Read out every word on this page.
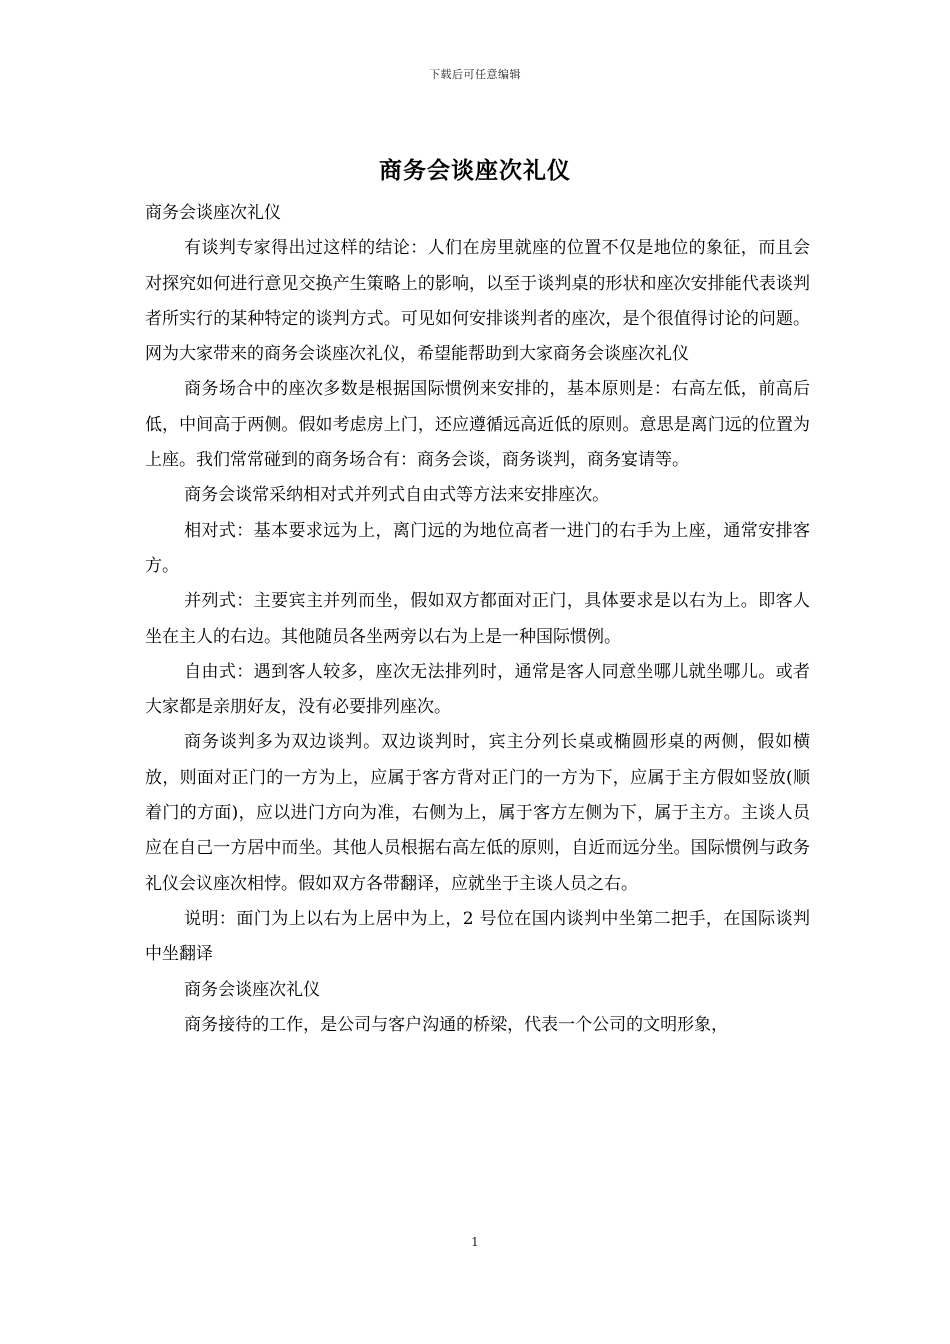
下载后可任意编辑
商务会谈座次礼仪

商务会谈座次礼仪

有谈判专家得出过这样的结论：人们在房里就座的位置不仅是地位的象征，而且会对探究如何进行意见交换产生策略上的影响，以至于谈判桌的形状和座次安排能代表谈判者所实行的某种特定的谈判方式。可见如何安排谈判者的座次，是个很值得讨论的问题。网为大家带来的商务会谈座次礼仪，希望能帮助到大家商务会谈座次礼仪

商务场合中的座次多数是根据国际惯例来安排的，基本原则是：右高左低，前高后低，中间高于两侧。假如考虑房上门，还应遵循远高近低的原则。意思是离门远的位置为上座。我们常常碰到的商务场合有：商务会谈，商务谈判，商务宴请等。

商务会谈常采纳相对式并列式自由式等方法来安排座次。

相对式：基本要求远为上，离门远的为地位高者一进门的右手为上座，通常安排客方。

并列式：主要宾主并列而坐，假如双方都面对正门，具体要求是以右为上。即客人坐在主人的右边。其他随员各坐两旁以右为上是一种国际惯例。

自由式：遇到客人较多，座次无法排列时，通常是客人同意坐哪儿就坐哪儿。或者大家都是亲朋好友，没有必要排列座次。

商务谈判多为双边谈判。双边谈判时，宾主分列长桌或椭圆形桌的两侧，假如横放，则面对正门的一方为上，应属于客方背对正门的一方为下，应属于主方假如竖放(顺着门的方面)，应以进门方向为准，右侧为上，属于客方左侧为下，属于主方。主谈人员应在自己一方居中而坐。其他人员根据右高左低的原则，自近而远分坐。国际惯例与政务礼仪会议座次相悖。假如双方各带翻译，应就坐于主谈人员之右。

说明：面门为上以右为上居中为上，2 号位在国内谈判中坐第二把手，在国际谈判中坐翻译

商务会谈座次礼仪

商务接待的工作，是公司与客户沟通的桥梁，代表一个公司的文明形象，

1
